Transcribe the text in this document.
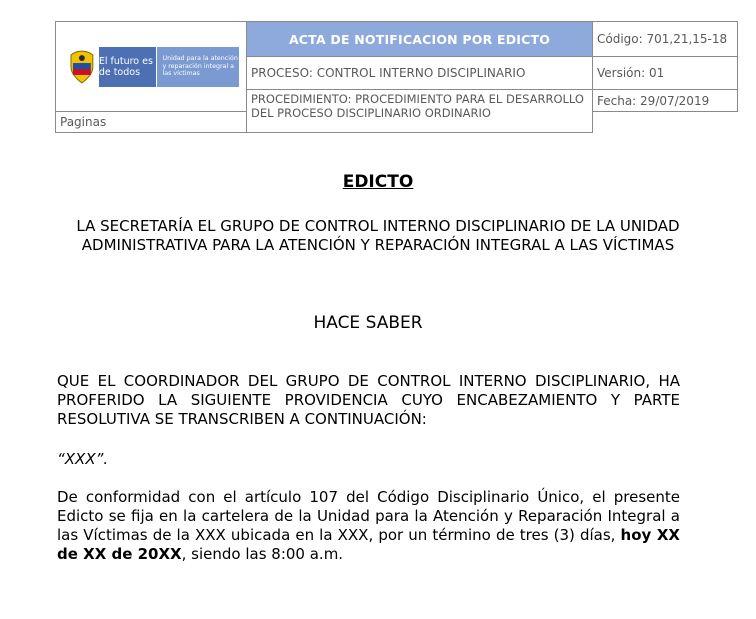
El futuro es de todos
Unidad para la atención y reparación integral a las víctimas	ACTA DE NOTIFICACION POR EDICTO	Código: 701,21,15-18
	PROCESO: CONTROL INTERNO DISCIPLINARIO	Versión: 01
	PROCEDIMIENTO: PROCEDIMIENTO PARA EL DESARROLLO DEL PROCESO DISCIPLINARIO ORDINARIO	Fecha: 29/07/2019
Paginas		
EDICTO
LA SECRETARÍA EL GRUPO DE CONTROL INTERNO DISCIPLINARIO DE LA UNIDAD ADMINISTRATIVA PARA LA ATENCIÓN Y REPARACIÓN INTEGRAL A LAS VÍCTIMAS
HACE SABER
QUE EL COORDINADOR DEL GRUPO DE CONTROL INTERNO DISCIPLINARIO, HA PROFERIDO LA SIGUIENTE PROVIDENCIA CUYO ENCABEZAMIENTO Y PARTE RESOLUTIVA SE TRANSCRIBEN A CONTINUACIÓN:
“XXX”.
De conformidad con el artículo 107 del Código Disciplinario Único, el presente Edicto se fija en la cartelera de la Unidad para la Atención y Reparación Integral a las Víctimas de la XXX ubicada en la XXX, por un término de tres (3) días, hoy XX de XX de 20XX, siendo las 8:00 a.m.
